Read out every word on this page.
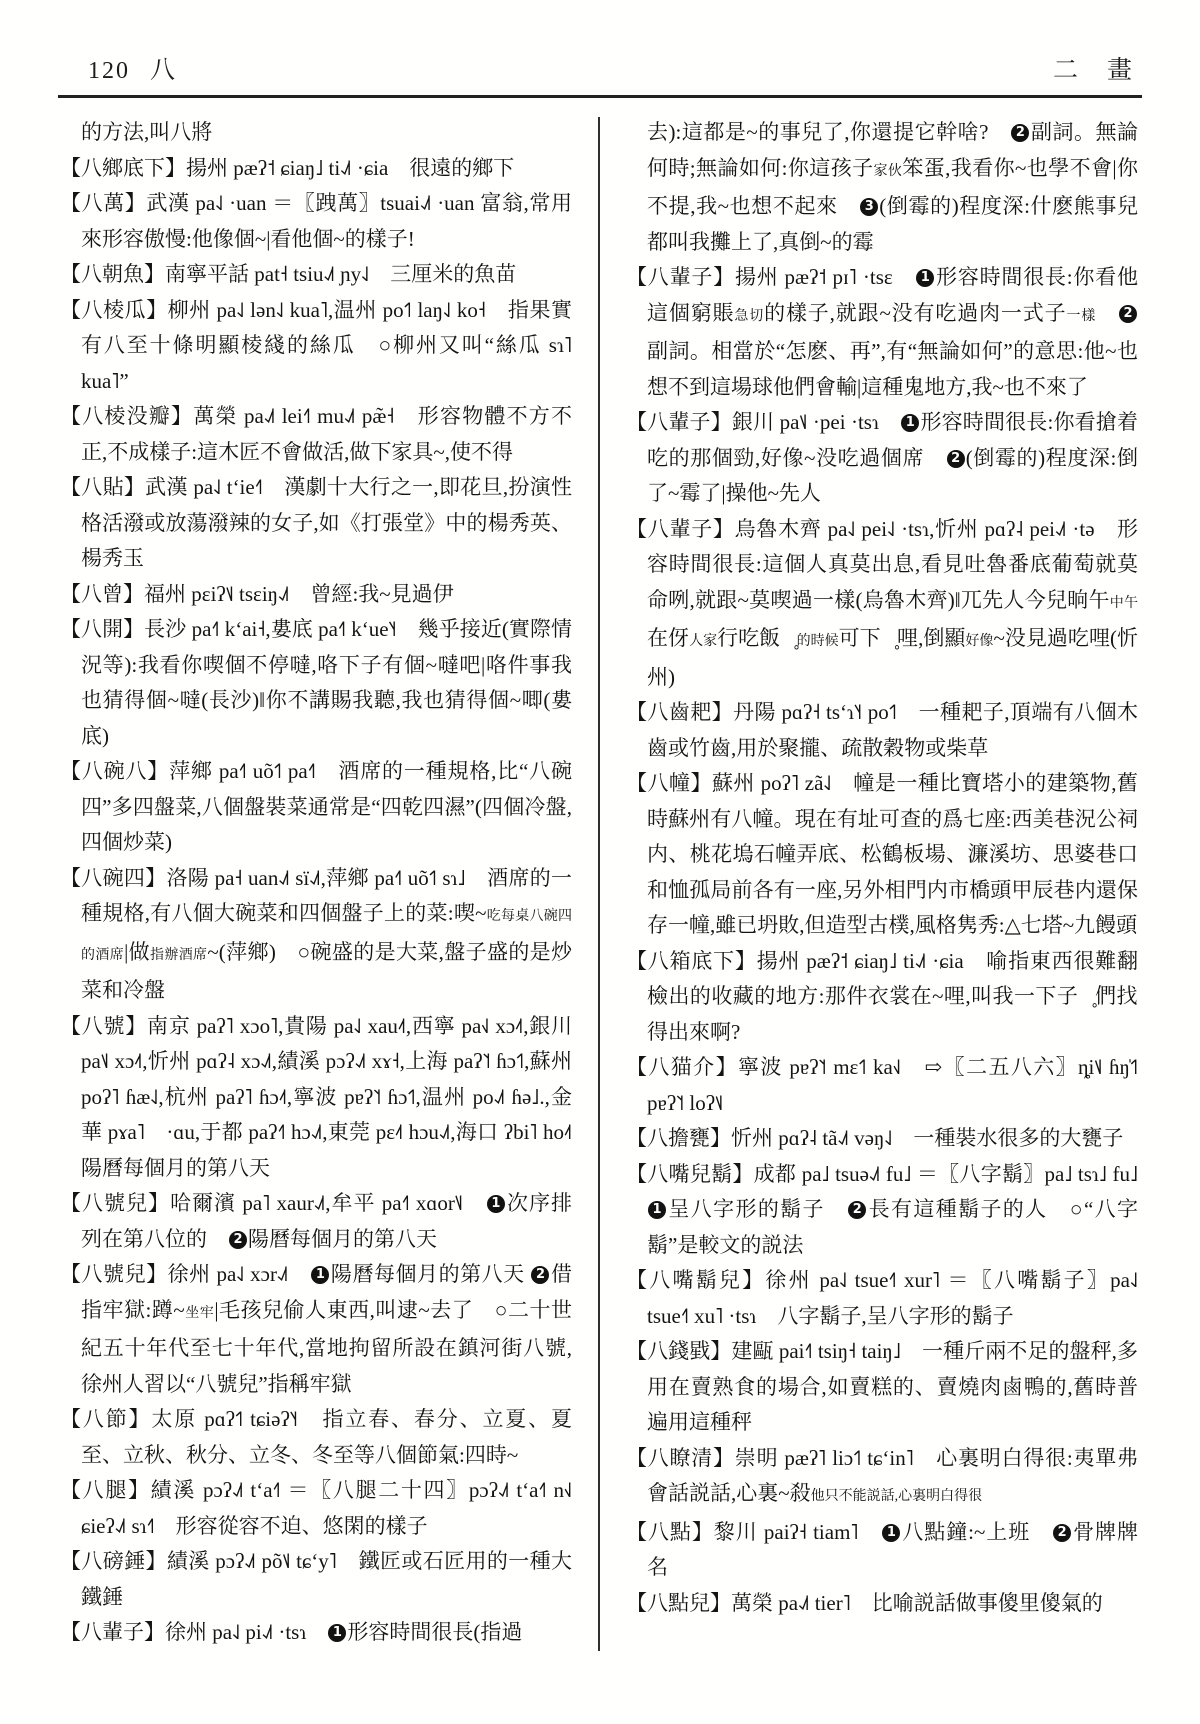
120 八	二　畫

的方法,叫八將

【八鄉底下】揚州 pæʔ˦ ɕiaŋ˩ ti˨˩˦ ·ɕia　很遠的鄉下

【八萬】武漢 pa˨˩ ·uan ＝〖跩萬〗tsuai˨˩˦ ·uan 富翁,常用來形容傲慢:他像個~|看他個~的樣子!

【八朝魚】南寧平話 pat˧ tsiu˨˩˦ ɲy˨˩　三厘米的魚苗

【八棱瓜】柳州 pa˨˩ lən˨˩ kua˥,温州 po˦˥ laŋ˨˩ ko˧　指果實有八至十條明顯棱綫的絲瓜　○柳州又叫“絲瓜 sɿ˥ kua˥”

【八棱没瓣】萬榮 pa˨˩˦ lei˧˥ mu˨˩˦ pæ̃˧　形容物體不方不正,不成樣子:這木匠不會做活,做下家具~,使不得

【八貼】武漢 pa˨˩ tʻie˧˥　漢劇十大行之一,即花旦,扮演性格活潑或放蕩潑辣的女子,如《打張堂》中的楊秀英、楊秀玉

【八曾】福州 pɛiʔ˦˩ tsɛiŋ˨˩˦　曾經:我~見過伊

【八開】長沙 pa˧˥ kʻai˧,婁底 pa˧˥ kʻue˥˧　幾乎接近(實際情況等):我看你喫個不停噠,咯下子有個~噠吧|咯件事我也猜得個~噠(長沙)‖你不講賜我聽,我也猜得個~唧(婁底)

【八碗八】萍鄉 pa˧˥ uõ˦˥ pa˧˥　酒席的一種規格,比“八碗四”多四盤菜,八個盤裝菜通常是“四乾四濕”(四個冷盤,四個炒菜)

【八碗四】洛陽 pa˧ uan˨˩˦ sï˨˩˦,萍鄉 pa˧˥ uõ˦˥ sɿ˩　酒席的一種規格,有八個大碗菜和四個盤子上的菜:喫~吃每桌八碗四的酒席|做指辦酒席~(萍鄉)　○碗盛的是大菜,盤子盛的是炒菜和冷盤

【八號】南京 paʔ˥ xɔo˥,貴陽 pa˨˩ xau˨˦,西寧 pa˧˩ xɔ˨˦,銀川 pa˦˩ xɔ˨˦,忻州 pɑʔ˨ xɔ˨˩˦,績溪 pɔʔ˨˩˦ xɤ˧,上海 paʔ˥˦ ɦɔ˦˥,蘇州 poʔ˥ ɦæ˨˩,杭州 paʔ˥ ɦɔ˨˦,寧波 pɐʔ˥˦ ɦɔ˦˥,温州 po˨˩˦ ɦə˩.,金華 pɤa˥　·ɑu,于都 paʔ˧˥ hɔ˨˩˦,東莞 pɛ˨˦ hɔu˨˩˦,海口 ʔbi˥ ho˨˦　陽曆每個月的第八天

【八號兒】哈爾濱 pa˥ xaur˨˩˦,牟平 pa˧˥ xɑor˥˩　1 次序排列在第八位的　2 陽曆每個月的第八天

【八號兒】徐州 pa˨˩ xɔr˨˩˦　1 陽曆每個月的第八天 2 借指牢獄:蹲~坐牢|毛孩兒偷人東西,叫逮~去了　○二十世紀五十年代至七十年代,當地拘留所設在鎮河街八號,徐州人習以“八號兒”指稱牢獄

【八節】太原 pɑʔ˦˥ tɕiəʔ˥˧　指立春、春分、立夏、夏至、立秋、秋分、立冬、冬至等八個節氣:四時~

【八腿】績溪 pɔʔ˨˩˦ tʻa˧˥ ＝〖八腿二十四〗pɔʔ˨˩˦ tʻa˧˥ n˧˩ ɕieʔ˨˩˦ sɿ˧˥　形容從容不迫、悠閑的樣子

【八磅錘】績溪 pɔʔ˨˩˦ põ˦˩ tɕʻy˥　鐵匠或石匠用的一種大鐵錘

【八輩子】徐州 pa˨˩ pi˨˩˦ ·tsɿ　1 形容時間很長(指過

去):這都是~的事兒了,你還提它幹啥?　2 副詞。無論何時;無論如何:你這孩子家伙笨蛋,我看你~也學不會|你不提,我~也想不起來　3 (倒霉的)程度深:什麽熊事兒都叫我攤上了,真倒~的霉

【八輩子】揚州 pæʔ˦ pɪ˥ ·tsɛ　1 形容時間很長:你看他這個窮賬急切的樣子,就跟~没有吃過肉一式子一樣　 2副詞。相當於“怎麽、再”,有“無論如何”的意思:他~也想不到這場球他們會輸|這種鬼地方,我~也不來了

【八輩子】銀川 pa˦˩ ·pei ·tsɿ　1 形容時間很長:你看搶着吃的那個勁,好像~没吃過個席　2 (倒霉的)程度深:倒了~霉了|操他~先人

【八輩子】烏魯木齊 pa˨˩ pei˨˩ ·tsɿ,忻州 pɑʔ˨ pei˨˩˦ ·tə　形容時間很長:這個人真莫出息,看見吐魯番底葡萄就莫命咧,就跟~莫喫過一樣(烏魯木齊)‖兀先人今兒晌午中午在伢人家行吃飯嗓̥的時候可下賤̥哩,倒顯好像~没見過吃哩(忻州)

【八齒耙】丹陽 pɑʔ˧ tsʻɿ˥˧ po˦˥　一種耙子,頂端有八個木齒或竹齒,用於聚攏、疏散穀物或柴草

【八幢】蘇州 poʔ˥ zã˨˩　幢是一種比寶塔小的建築物,舊時蘇州有八幢。現在有址可查的爲七座:西美巷況公祠内、桃花塢石幢弄底、松鶴板場、濂溪坊、思婆巷口和恤孤局前各有一座,另外相門内市橋頭甲辰巷内還保存一幢,雖已坍敗,但造型古樸,風格隽秀:△七塔~九饅頭

【八箱底下】揚州 pæʔ˦ ɕiaŋ˩ ti˨˩˦ ·ɕia　喻指東西很難翻檢出的收藏的地方:那件衣裳在~哩,叫我一下子怎̥們找得出來啊?

【八猫介】寧波 pɐʔ˥˦ mɛ˦˥ ka˧˩　⇨〖二五八六〗ȵi˦˩ ɦŋ̍˦˥ pɐʔ˥˦ loʔ˦˩

【八擔甕】忻州 pɑʔ˨ tã˨˩˦ vəŋ˨˩　一種裝水很多的大甕子

【八嘴兒鬍】成都 pa˩ tsuə˨˩˦ fu˩ ＝〖八字鬍〗pa˩ tsɿ˩ fu˩　1 呈八字形的鬍子　2 長有這種鬍子的人　○“八字鬍”是較文的説法

【八嘴鬍兒】徐州 pa˨˩ tsue˧˥ xur˥ ＝〖八嘴鬍子〗pa˨˩ tsue˧˥ xu˥ ·tsɿ　八字鬍子,呈八字形的鬍子

【八錢戥】建甌 pai˧˥ tsiŋ˧ taiŋ˩　一種斤兩不足的盤秤,多用在賣熟食的場合,如賣糕的、賣燒肉鹵鴨的,舊時普遍用這種秤

【八瞭清】崇明 pæʔ˥ liɔ˦˥ tɕʻin˥　心裏明白得很:夷單弗會話説話,心裏~殺他只不能説話,心裏明白得很

【八點】黎川 paiʔ˧ tiam˥　1 八點鐘:~上班　2 骨牌牌名

【八點兒】萬榮 pa˨˩˦ tier˥　比喻説話做事傻里傻氣的
